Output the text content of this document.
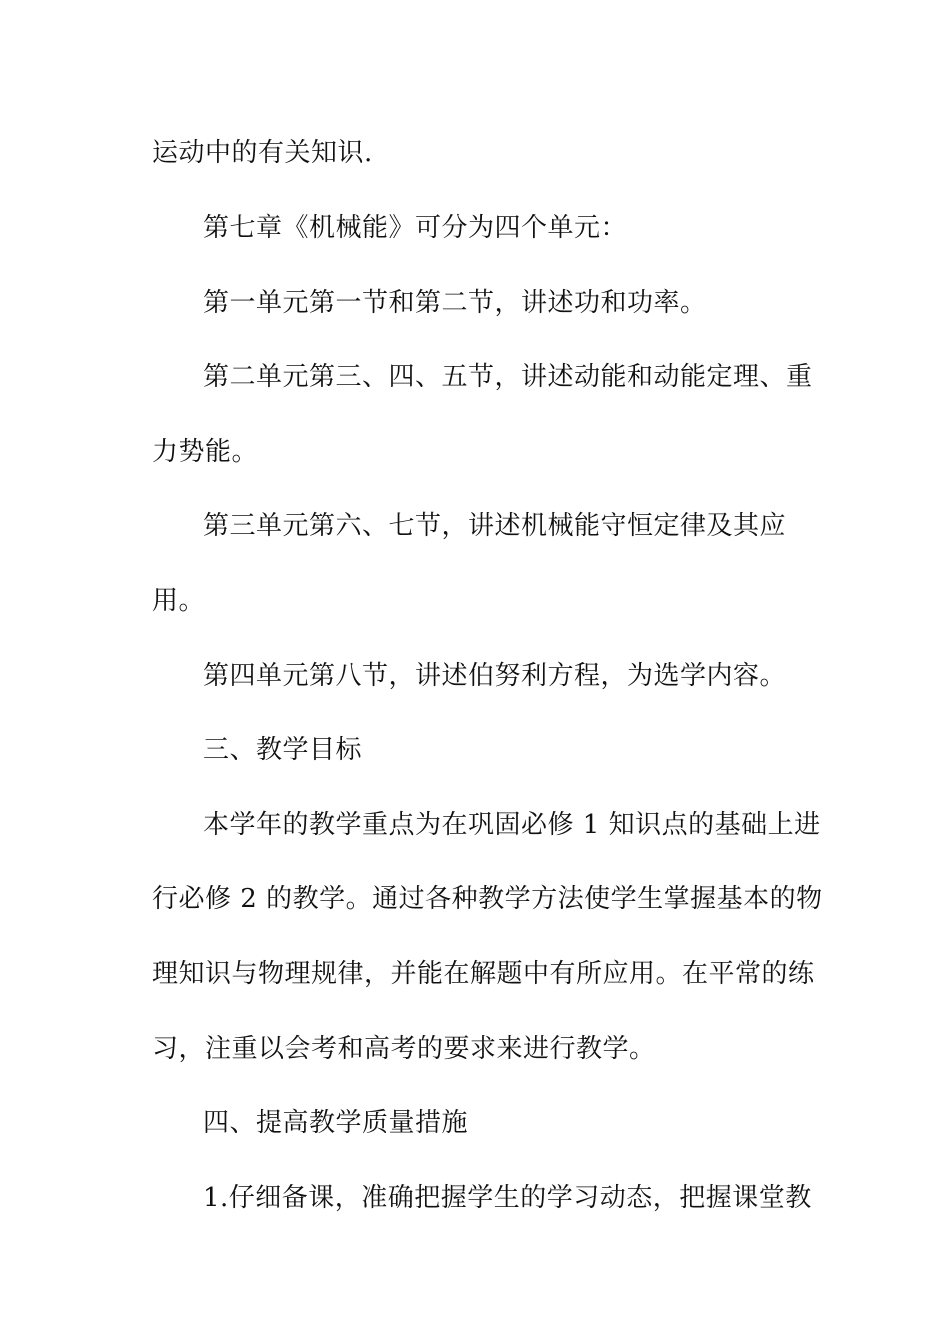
运动中的有关知识.
第七章《机械能》可分为四个单元：
第一单元第一节和第二节，讲述功和功率。
第二单元第三、四、五节，讲述动能和动能定理、重
力势能。
第三单元第六、七节，讲述机械能守恒定律及其应
用。
第四单元第八节，讲述伯努利方程，为选学内容。
三、教学目标
本学年的教学重点为在巩固必修 1 知识点的基础上进
行必修 2 的教学。通过各种教学方法使学生掌握基本的物
理知识与物理规律，并能在解题中有所应用。在平常的练
习，注重以会考和高考的要求来进行教学。
四、提高教学质量措施
1.仔细备课，准确把握学生的学习动态，把握课堂教
